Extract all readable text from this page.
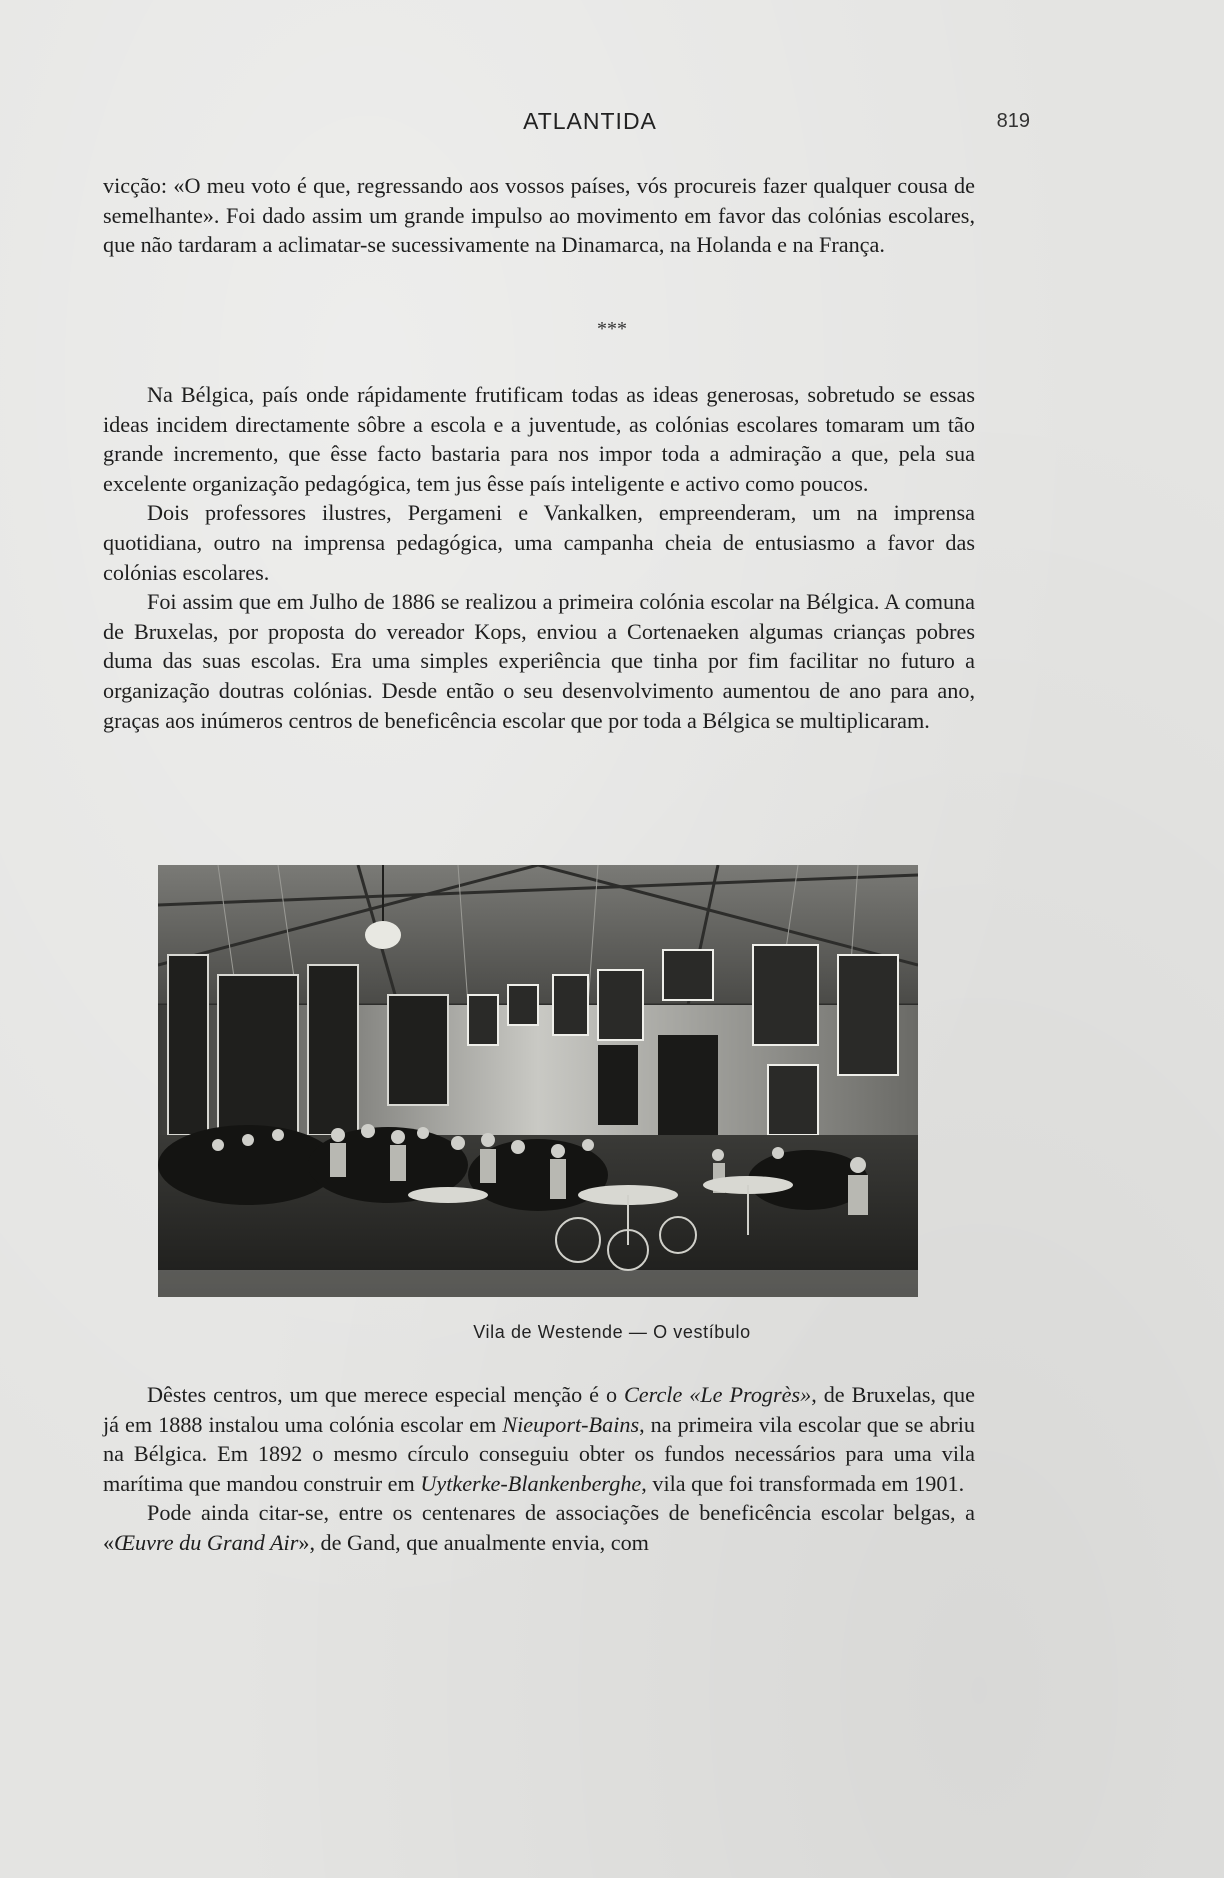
ATLANTIDA	819

vicção: «O meu voto é que, regressando aos vossos países, vós procureis fazer qualquer cousa de semelhante». Foi dado assim um grande impulso ao movimento em favor das colónias escolares, que não tardaram a aclimatar-se sucessivamente na Dinamarca, na Holanda e na França.

***

Na Bélgica, país onde rápidamente frutificam todas as ideas generosas, sobretudo se essas ideas incidem directamente sôbre a escola e a juventude, as colónias escolares tomaram um tão grande incremento, que êsse facto bastaria para nos impor toda a admiração a que, pela sua excelente organização pedagógica, tem jus êsse país inteligente e activo como poucos.

Dois professores ilustres, Pergameni e Vankalken, empreenderam, um na imprensa quotidiana, outro na imprensa pedagógica, uma campanha cheia de entusiasmo a favor das colónias escolares.

Foi assim que em Julho de 1886 se realizou a primeira colónia escolar na Bélgica. A comuna de Bruxelas, por proposta do vereador Kops, enviou a Cortenaeken algumas crianças pobres duma das suas escolas. Era uma simples experiência que tinha por fim facilitar no futuro a organização doutras colónias. Desde então o seu desenvolvimento aumentou de ano para ano, graças aos inúmeros centros de beneficência escolar que por toda a Bélgica se multiplicaram.

Vila de Westende — O vestíbulo

Dêstes centros, um que merece especial menção é o Cercle «Le Progrès», de Bruxelas, que já em 1888 instalou uma colónia escolar em Nieuport-Bains, na primeira vila escolar que se abriu na Bélgica. Em 1892 o mesmo círculo conseguiu obter os fundos necessários para uma vila marítima que mandou construir em Uytkerke-Blankenberghe, vila que foi transformada em 1901.

Pode ainda citar-se, entre os centenares de associações de beneficência escolar belgas, a «Œuvre du Grand Air», de Gand, que anualmente envia, com
